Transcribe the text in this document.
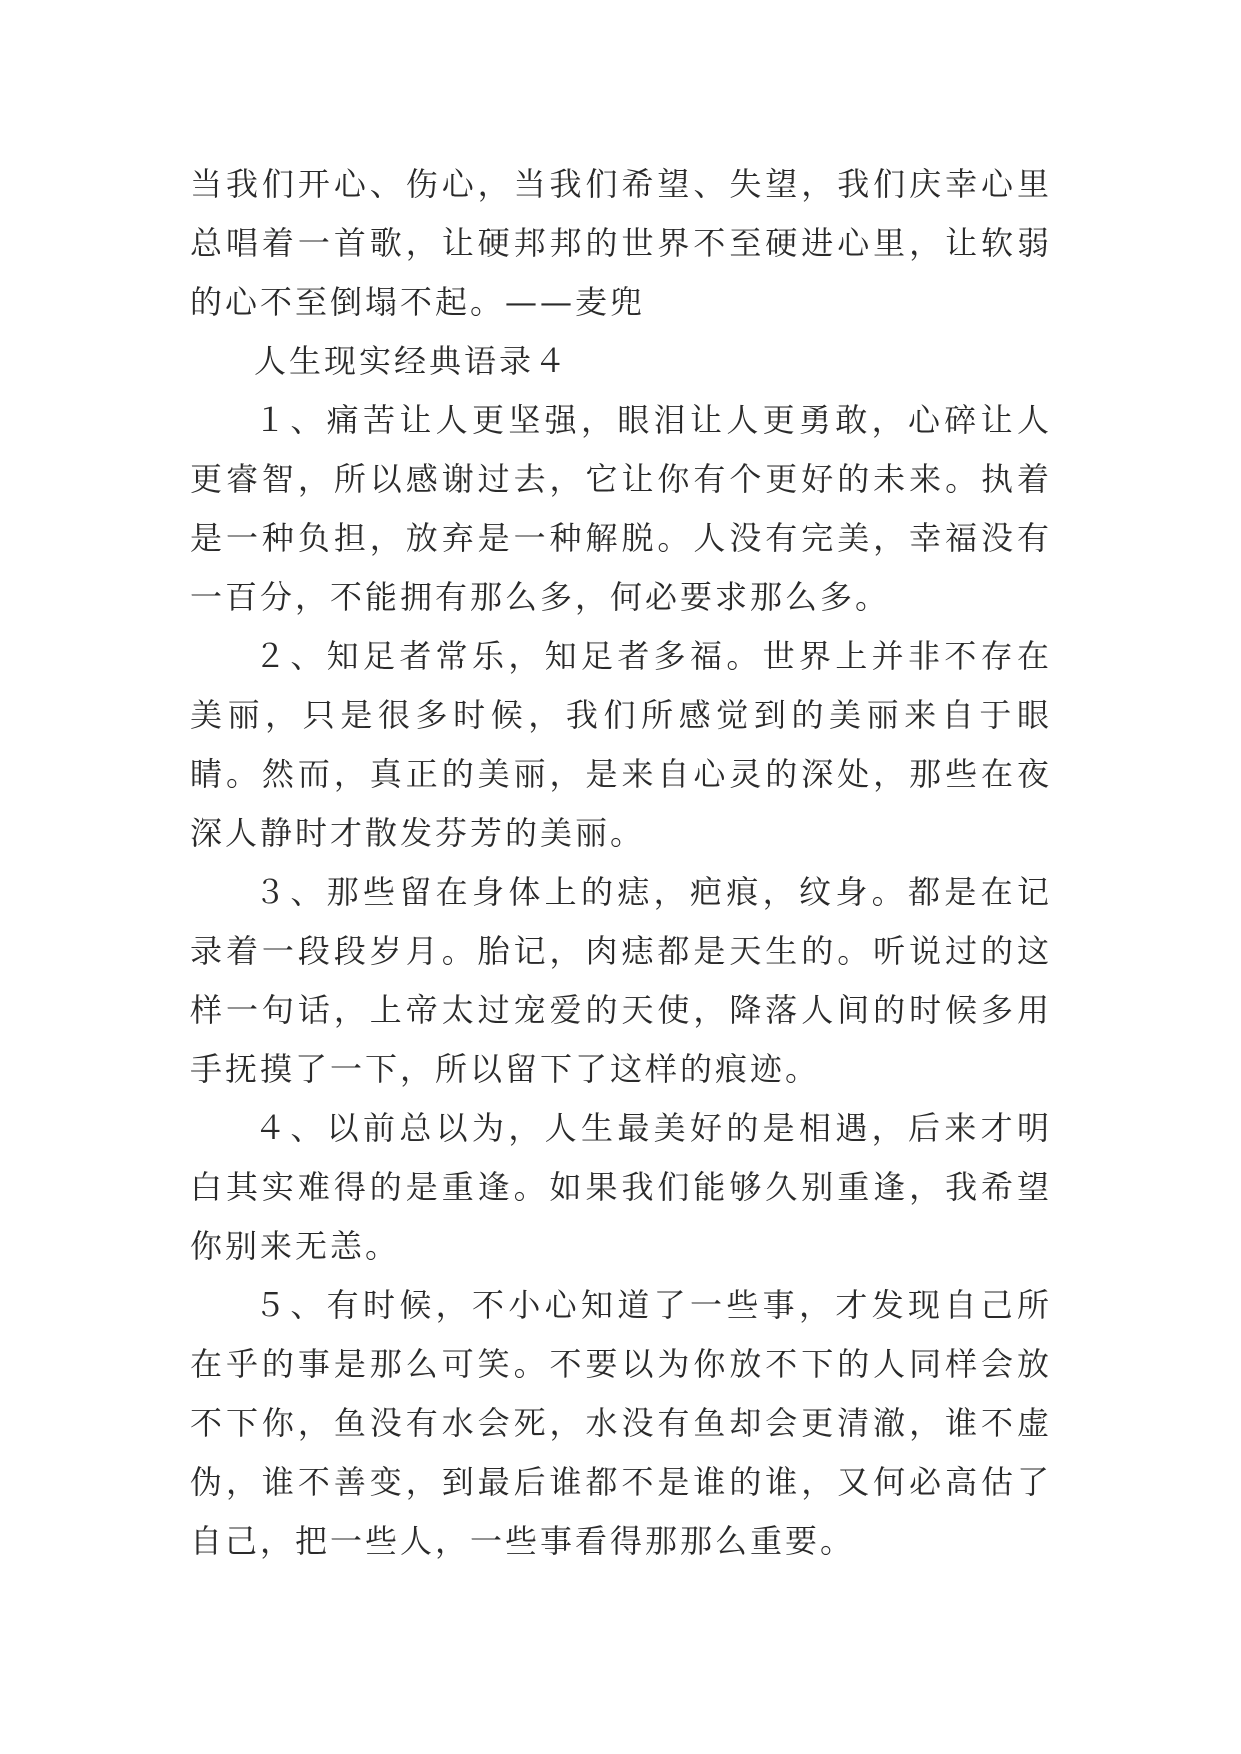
当我们开心、伤心，当我们希望、失望，我们庆幸心里总唱着一首歌，让硬邦邦的世界不至硬进心里，让软弱的心不至倒塌不起。——麦兜

人生现实经典语录４

１、痛苦让人更坚强，眼泪让人更勇敢，心碎让人更睿智，所以感谢过去，它让你有个更好的未来。执着是一种负担，放弃是一种解脱。人没有完美，幸福没有一百分，不能拥有那么多，何必要求那么多。

２、知足者常乐，知足者多福。世界上并非不存在美丽，只是很多时候，我们所感觉到的美丽来自于眼睛。然而，真正的美丽，是来自心灵的深处，那些在夜深人静时才散发芬芳的美丽。

３、那些留在身体上的痣，疤痕，纹身。都是在记录着一段段岁月。胎记，肉痣都是天生的。听说过的这样一句话，上帝太过宠爱的天使，降落人间的时候多用手抚摸了一下，所以留下了这样的痕迹。

４、以前总以为，人生最美好的是相遇，后来才明白其实难得的是重逢。如果我们能够久别重逢，我希望你别来无恙。

５、有时候，不小心知道了一些事，才发现自己所在乎的事是那么可笑。不要以为你放不下的人同样会放不下你，鱼没有水会死，水没有鱼却会更清澈，谁不虚伪，谁不善变，到最后谁都不是谁的谁，又何必高估了自己，把一些人，一些事看得那那么重要。
